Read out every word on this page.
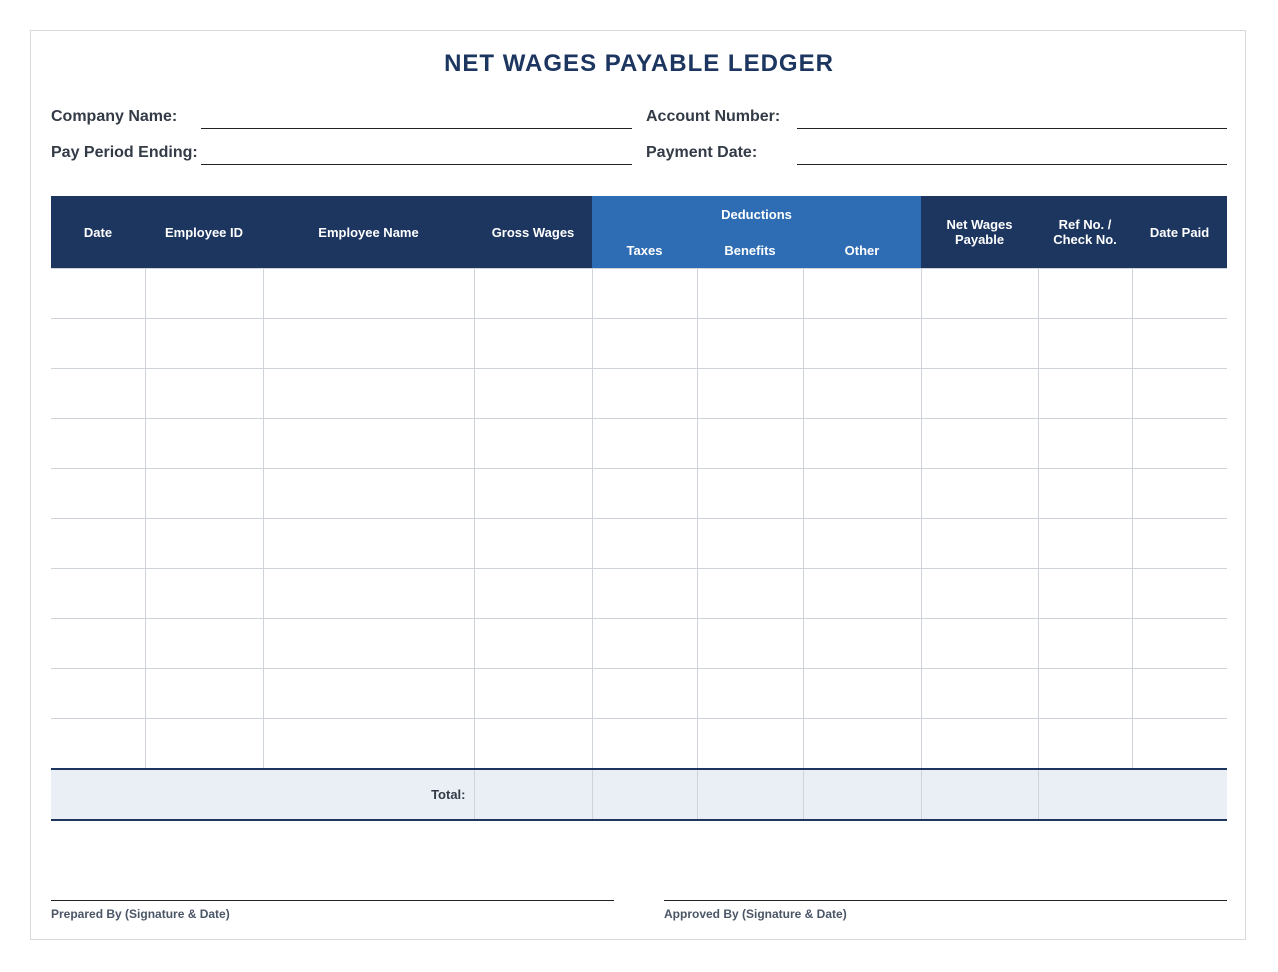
NET WAGES PAYABLE LEDGER
Company Name:
Pay Period Ending:
Account Number:
Payment Date:
Date	Employee ID	Employee Name	Gross Wages	Deductions			Net Wages Payable	Ref No. / Check No.	Date Paid
				Taxes	Benefits	Other			

Total:									
Prepared By (Signature & Date)	Approved By (Signature & Date)
